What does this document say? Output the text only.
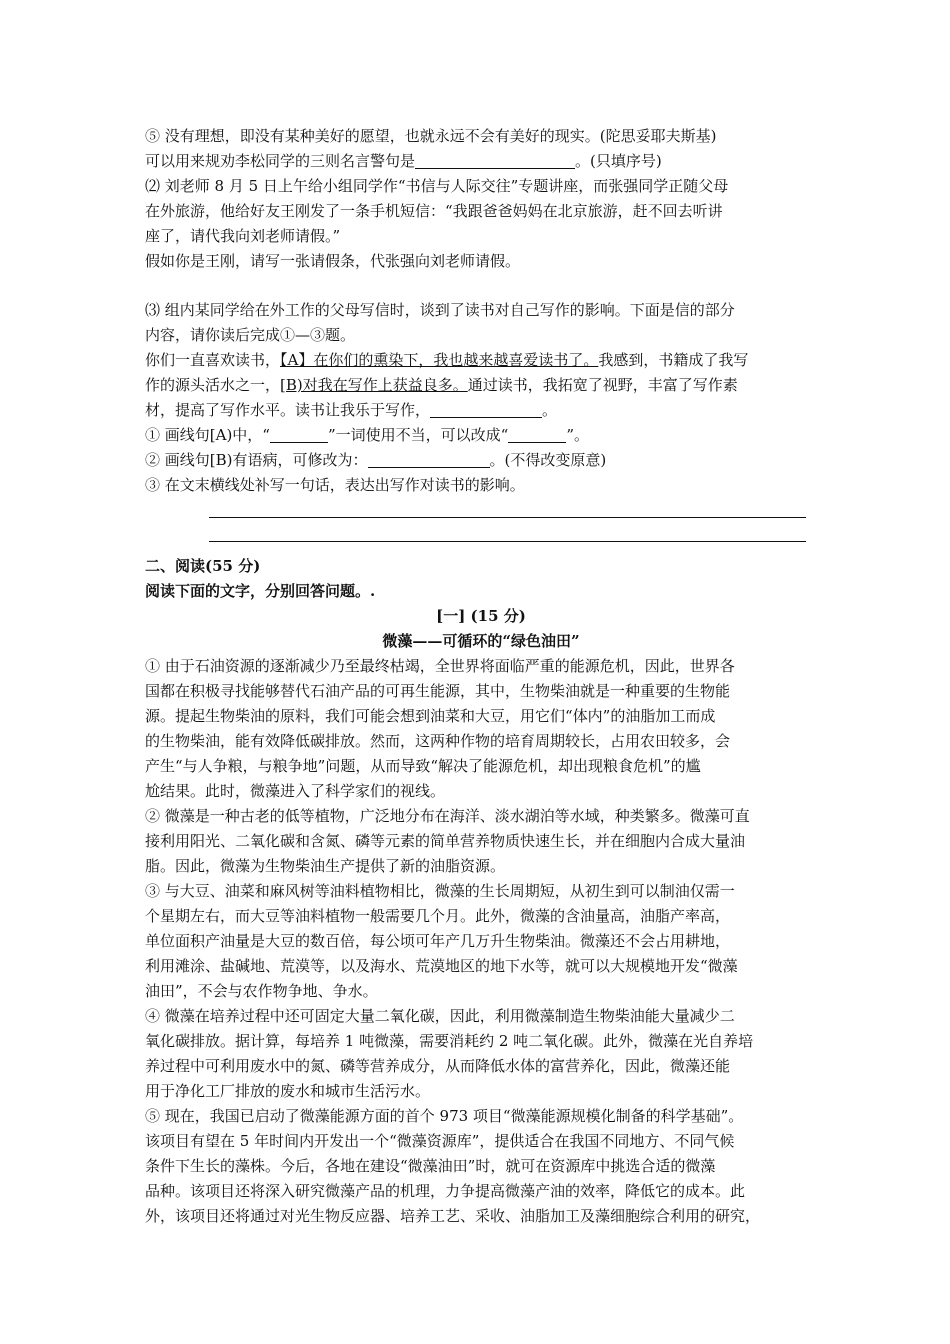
⑤ 没有理想，即没有某种美好的愿望，也就永远不会有美好的现实。(陀思妥耶夫斯基)

可以用来规劝李松同学的三则名言警句是	。(只填序号)

⑵ 刘老师 8 月 5 日上午给小组同学作“书信与人际交往”专题讲座，而张强同学正随父母

在外旅游，他给好友王刚发了一条手机短信：“我跟爸爸妈妈在北京旅游，赶不回去听讲

座了，请代我向刘老师请假。”

假如你是王刚，请写一张请假条，代张强向刘老师请假。

⑶ 组内某同学给在外工作的父母写信时，谈到了读书对自己写作的影响。下面是信的部分

内容，请你读后完成①—③题。

你们一直喜欢读书，【A】在你们的熏染下，我也越来越喜爱读书了。我感到，书籍成了我写

作的源头活水之一，[B)对我在写作上获益良多。通过读书，我拓宽了视野，丰富了写作素

材，提高了写作水平。读书让我乐于写作，	。

① 画线句[A)中，“	”一词使用不当，可以改成“	”。

② 画线句[B)有语病，可修改为：	。(不得改变原意)

③ 在文末横线处补写一句话，表达出写作对读书的影响。

二、阅读(55 分)

阅读下面的文字，分别回答问题。.

[一] (15 分)

微藻——可循环的“绿色油田”

① 由于石油资源的逐渐减少乃至最终枯竭，全世界将面临严重的能源危机，因此，世界各

国都在积极寻找能够替代石油产品的可再生能源，其中，生物柴油就是一种重要的生物能

源。提起生物柴油的原料，我们可能会想到油菜和大豆，用它们“体内”的油脂加工而成

的生物柴油，能有效降低碳排放。然而，这两种作物的培育周期较长，占用农田较多，会

产生“与人争粮，与粮争地”问题，从而导致“解决了能源危机，却出现粮食危机”的尴

尬结果。此时，微藻进入了科学家们的视线。

② 微藻是一种古老的低等植物，广泛地分布在海洋、淡水湖泊等水域，种类繁多。微藻可直

接利用阳光、二氧化碳和含氮、磷等元素的简单营养物质快速生长，并在细胞内合成大量油

脂。因此，微藻为生物柴油生产提供了新的油脂资源。

③ 与大豆、油菜和麻风树等油料植物相比，微藻的生长周期短，从初生到可以制油仅需一

个星期左右，而大豆等油料植物一般需要几个月。此外，微藻的含油量高，油脂产率高，

单位面积产油量是大豆的数百倍，每公顷可年产几万升生物柴油。微藻还不会占用耕地，

利用滩涂、盐碱地、荒漠等，以及海水、荒漠地区的地下水等，就可以大规模地开发“微藻

油田”，不会与农作物争地、争水。

④ 微藻在培养过程中还可固定大量二氧化碳，因此，利用微藻制造生物柴油能大量减少二

氧化碳排放。据计算，每培养 1 吨微藻，需要消耗约 2 吨二氧化碳。此外，微藻在光自养培

养过程中可利用废水中的氮、磷等营养成分，从而降低水体的富营养化，因此，微藻还能

用于净化工厂排放的废水和城市生活污水。

⑤ 现在，我国已启动了微藻能源方面的首个 973 项目“微藻能源规模化制备的科学基础”。

该项目有望在 5 年时间内开发出一个“微藻资源库”，提供适合在我国不同地方、不同气候

条件下生长的藻株。今后，各地在建设“微藻油田”时，就可在资源库中挑选合适的微藻

品种。该项目还将深入研究微藻产品的机理，力争提高微藻产油的效率，降低它的成本。此

外，该项目还将通过对光生物反应器、培养工艺、采收、油脂加工及藻细胞综合利用的研究，
